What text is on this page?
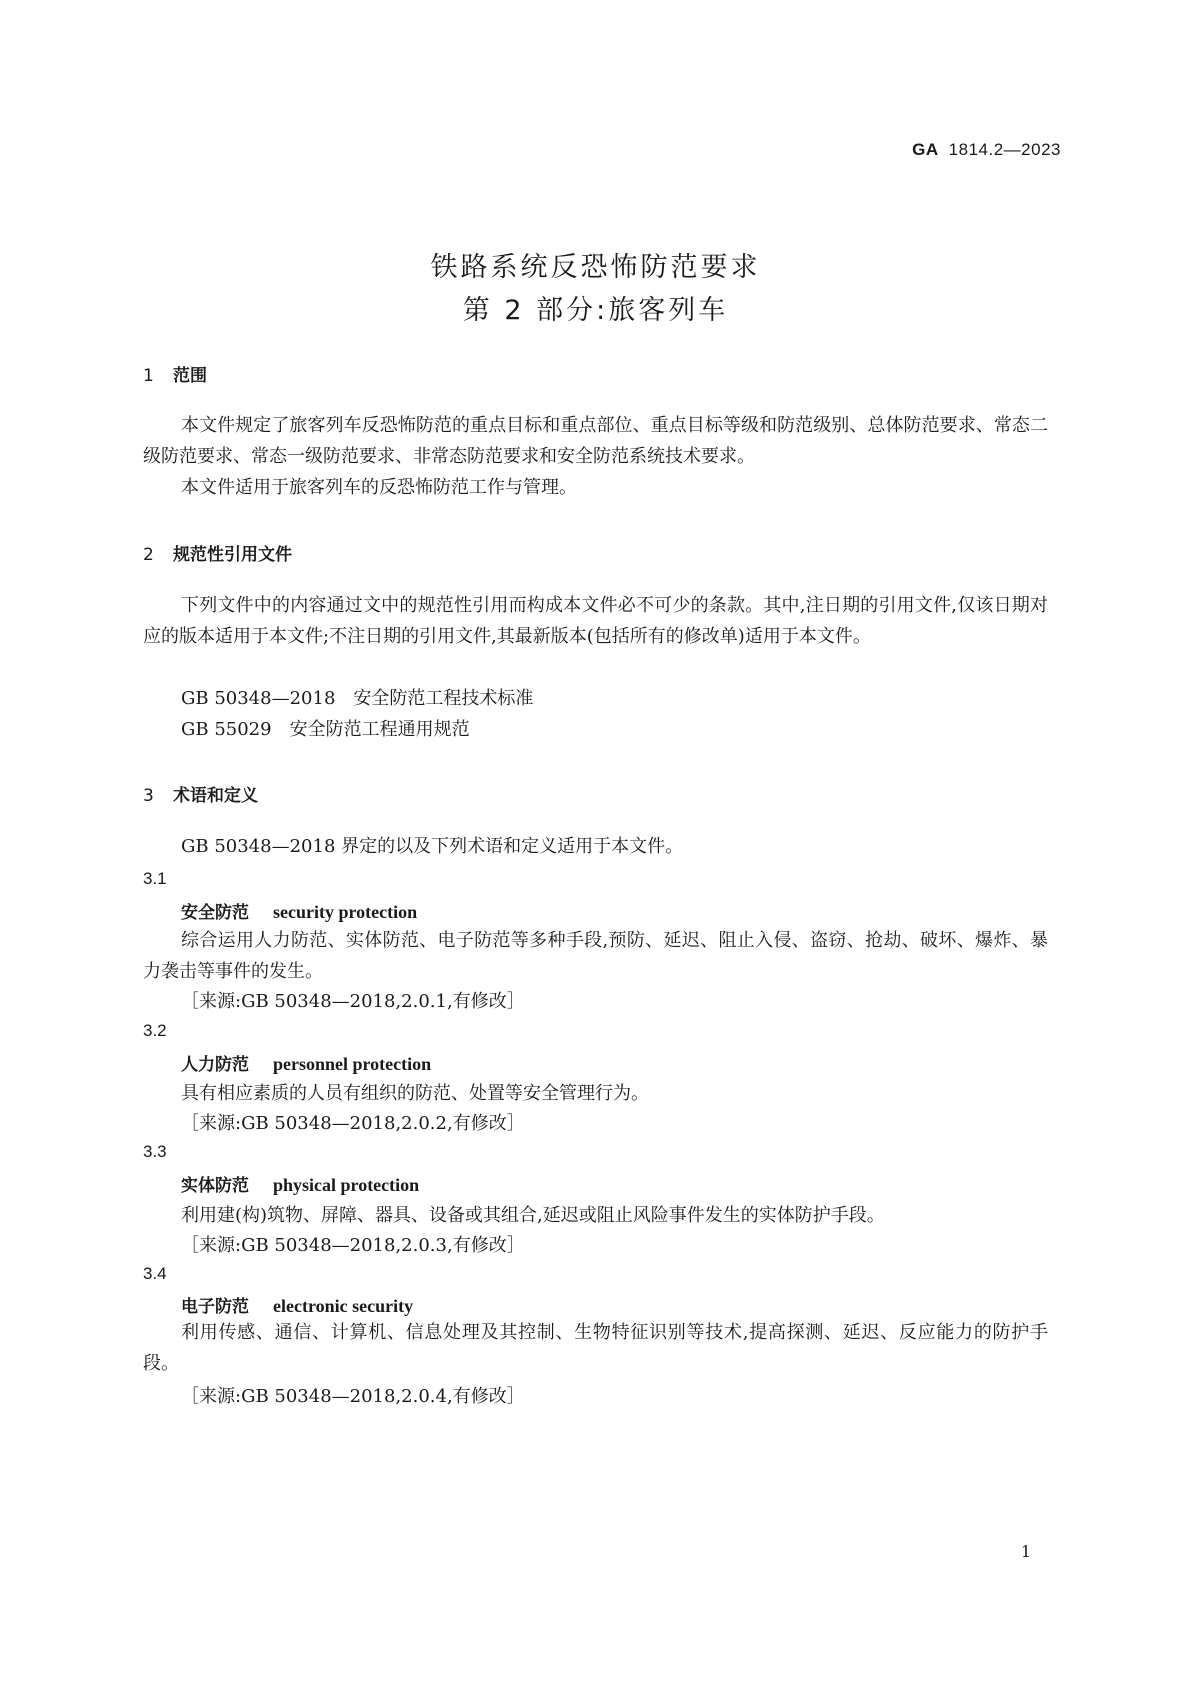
GA 1814.2—2023
铁路系统反恐怖防范要求
第 2 部分:旅客列车
1 范围
本文件规定了旅客列车反恐怖防范的重点目标和重点部位、重点目标等级和防范级别、总体防范要求、常态二级防范要求、常态一级防范要求、非常态防范要求和安全防范系统技术要求。
本文件适用于旅客列车的反恐怖防范工作与管理。
2 规范性引用文件
下列文件中的内容通过文中的规范性引用而构成本文件必不可少的条款。其中,注日期的引用文件,仅该日期对应的版本适用于本文件;不注日期的引用文件,其最新版本(包括所有的修改单)适用于本文件。
GB 50348—2018　安全防范工程技术标准
GB 55029　安全防范工程通用规范
3 术语和定义
GB 50348—2018 界定的以及下列术语和定义适用于本文件。
3.1
安全防范 security protection
综合运用人力防范、实体防范、电子防范等多种手段,预防、延迟、阻止入侵、盗窃、抢劫、破坏、爆炸、暴力袭击等事件的发生。
［来源:GB 50348—2018,2.0.1,有修改］
3.2
人力防范 personnel protection
具有相应素质的人员有组织的防范、处置等安全管理行为。
［来源:GB 50348—2018,2.0.2,有修改］
3.3
实体防范 physical protection
利用建(构)筑物、屏障、器具、设备或其组合,延迟或阻止风险事件发生的实体防护手段。
［来源:GB 50348—2018,2.0.3,有修改］
3.4
电子防范 electronic security
利用传感、通信、计算机、信息处理及其控制、生物特征识别等技术,提高探测、延迟、反应能力的防护手段。
［来源:GB 50348—2018,2.0.4,有修改］
1
